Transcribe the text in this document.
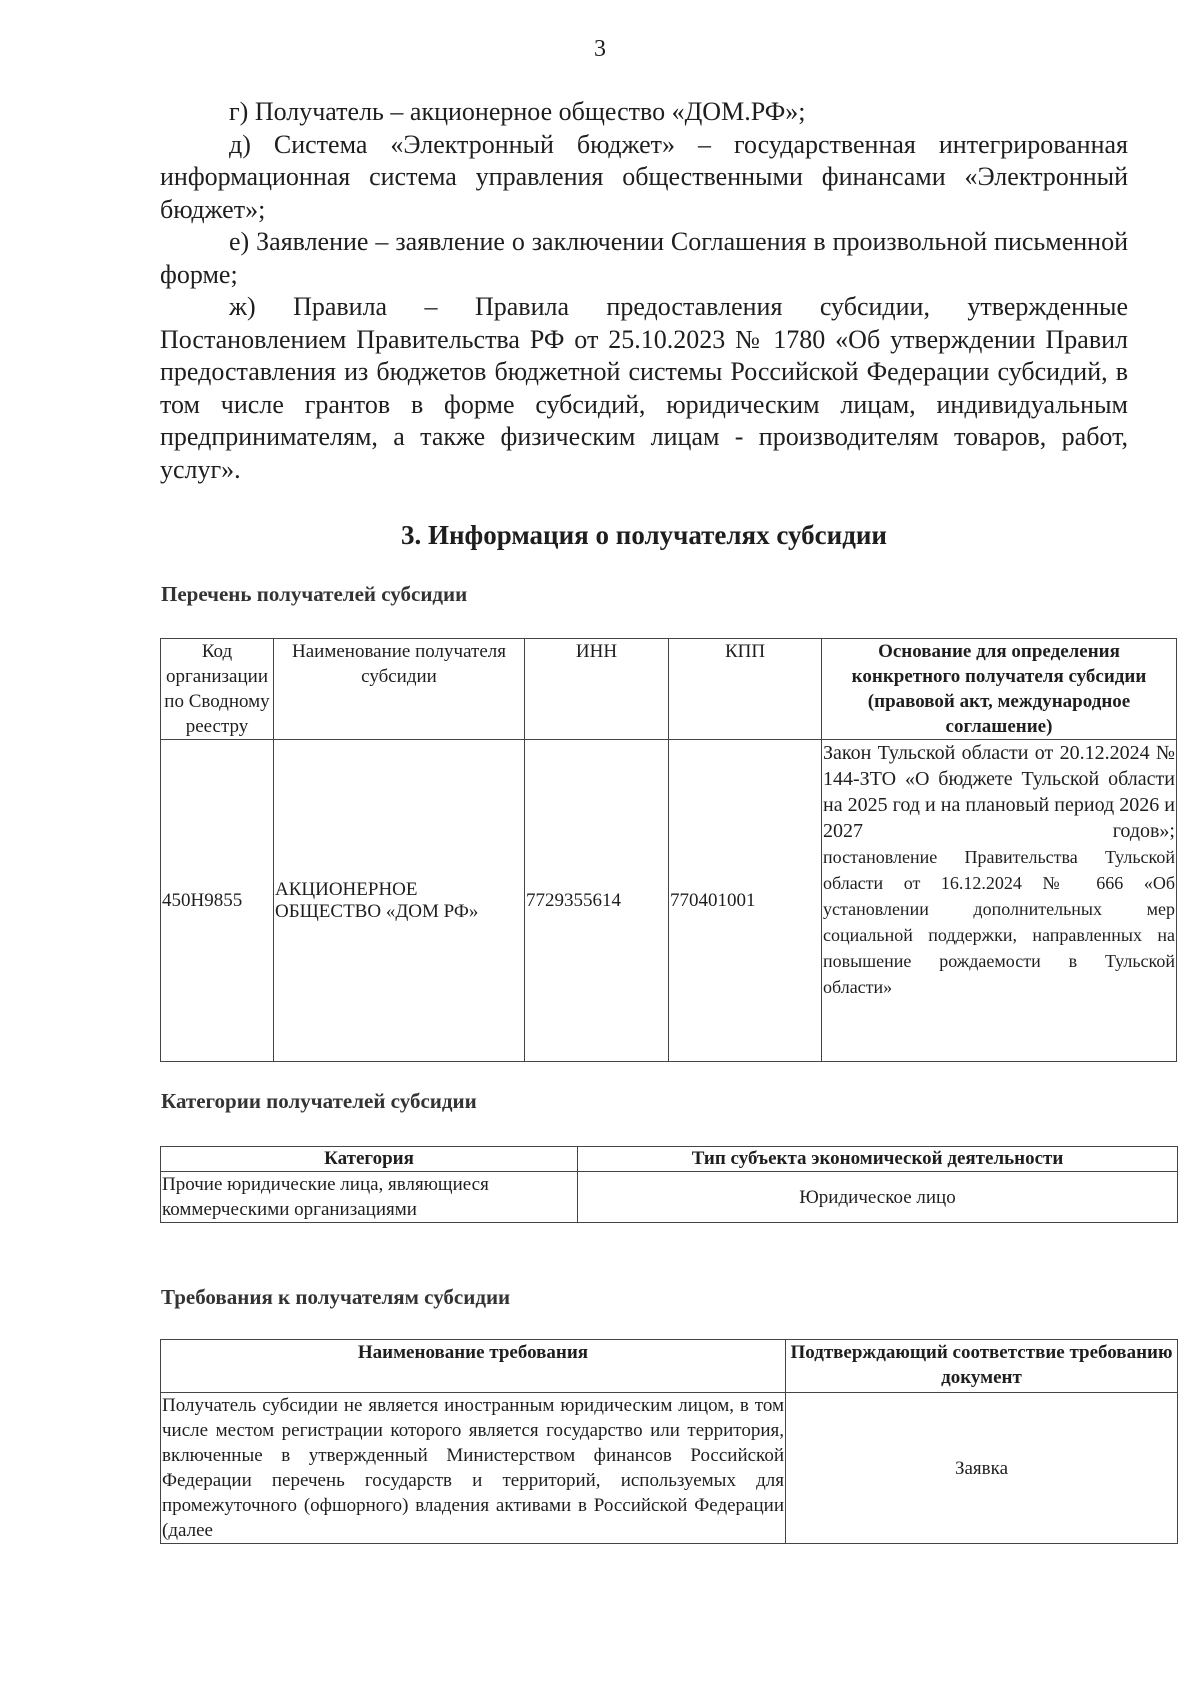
3

г) Получатель – акционерное общество «ДОМ.РФ»;

д) Система «Электронный бюджет» – государственная интегрированная информационная система управления общественными финансами «Электронный бюджет»;

е) Заявление – заявление о заключении Соглашения в произвольной письменной форме;

ж) Правила – Правила предоставления субсидии, утвержденные Постановлением Правительства РФ от 25.10.2023 № 1780 «Об утверждении Правил предоставления из бюджетов бюджетной системы Российской Федерации субсидий, в том числе грантов в форме субсидий, юридическим лицам, индивидуальным предпринимателям, а также физическим лицам - производителям товаров, работ, услуг».

3. Информация о получателях субсидии
Перечень получателей субсидии
Код организации по Сводному реестру	Наименование получателя субсидии	ИНН	КПП	Основание для определения конкретного получателя субсидии (правовой акт, международное соглашение)
450Н9855	АКЦИОНЕРНОЕ ОБЩЕСТВО «ДОМ РФ»	7729355614	770401001	Закон Тульской области от 20.12.2024 № 144-ЗТО «О бюджете Тульской области на 2025 год и на плановый период 2026 и 2027 годов»;
постановление Правительства Тульской области от 16.12.2024 № 666 «Об установлении дополнительных мер социальной поддержки, направленных на повышение рождаемости в Тульской области»
Категории получателей субсидии
Категория	Тип субъекта экономической деятельности
Прочие юридические лица, являющиеся коммерческими организациями	Юридическое лицо
Требования к получателям субсидии
Наименование требования	Подтверждающий соответствие требованию документ
Получатель субсидии не является иностранным юридическим лицом, в том числе местом регистрации которого является государство или территория, включенные в утвержденный Министерством финансов Российской Федерации перечень государств и территорий, используемых для промежуточного (офшорного) владения активами в Российской Федерации (далее	Заявка
